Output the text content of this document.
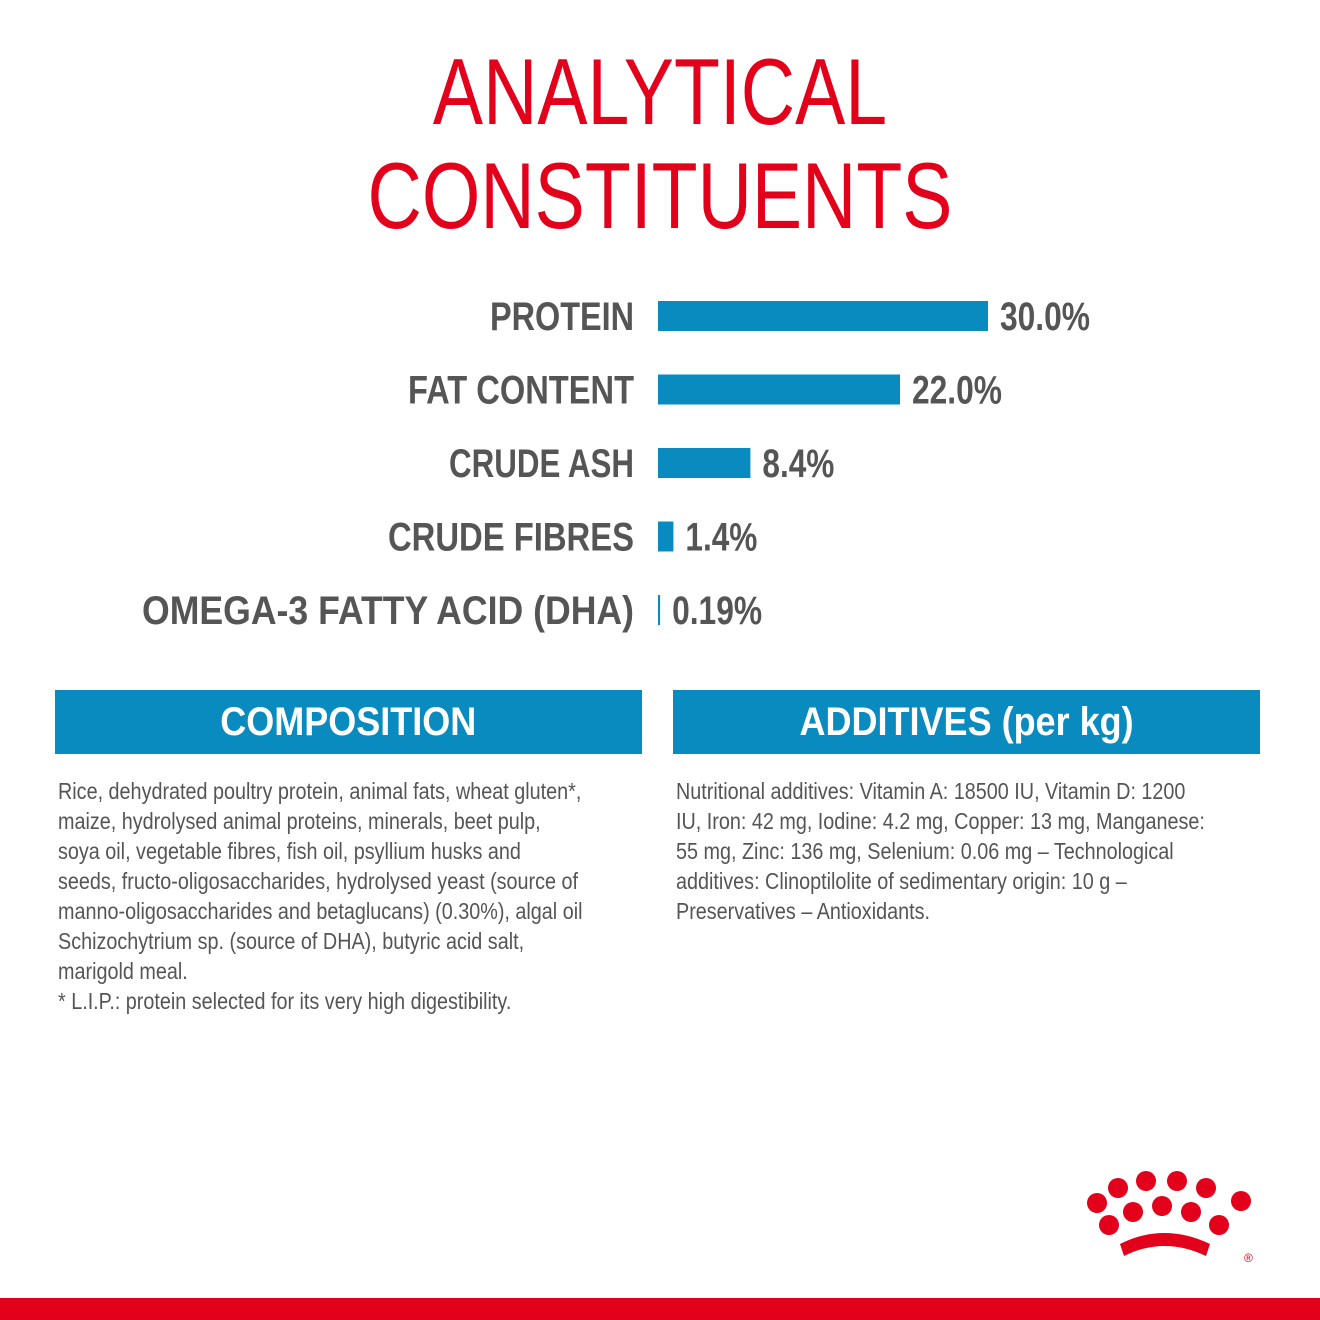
ANALYTICAL
CONSTITUENTS
PROTEIN	30.0%
FAT CONTENT	22.0%
CRUDE ASH	8.4%
CRUDE FIBRES 1.4%
OMEGA-3 FATTY ACID (DHA) 0.19%
COMPOSITION	ADDITIVES (per kg)
Rice, dehydrated poultry protein, animal fats, wheat gluten*,
maize, hydrolysed animal proteins, minerals, beet pulp,
soya oil, vegetable fibres, fish oil, psyllium husks and
seeds, fructo-oligosaccharides, hydrolysed yeast (source of
manno-oligosaccharides and betaglucans) (0.30%), algal oil
Schizochytrium sp. (source of DHA), butyric acid salt,
marigold meal.
* L.I.P.: protein selected for its very high digestibility.
Nutritional additives: Vitamin A: 18500 IU, Vitamin D: 1200
IU, Iron: 42 mg, Iodine: 4.2 mg, Copper: 13 mg, Manganese:
55 mg, Zinc: 136 mg, Selenium: 0.06 mg – Technological
additives: Clinoptilolite of sedimentary origin: 10 g –
Preservatives – Antioxidants.
®
